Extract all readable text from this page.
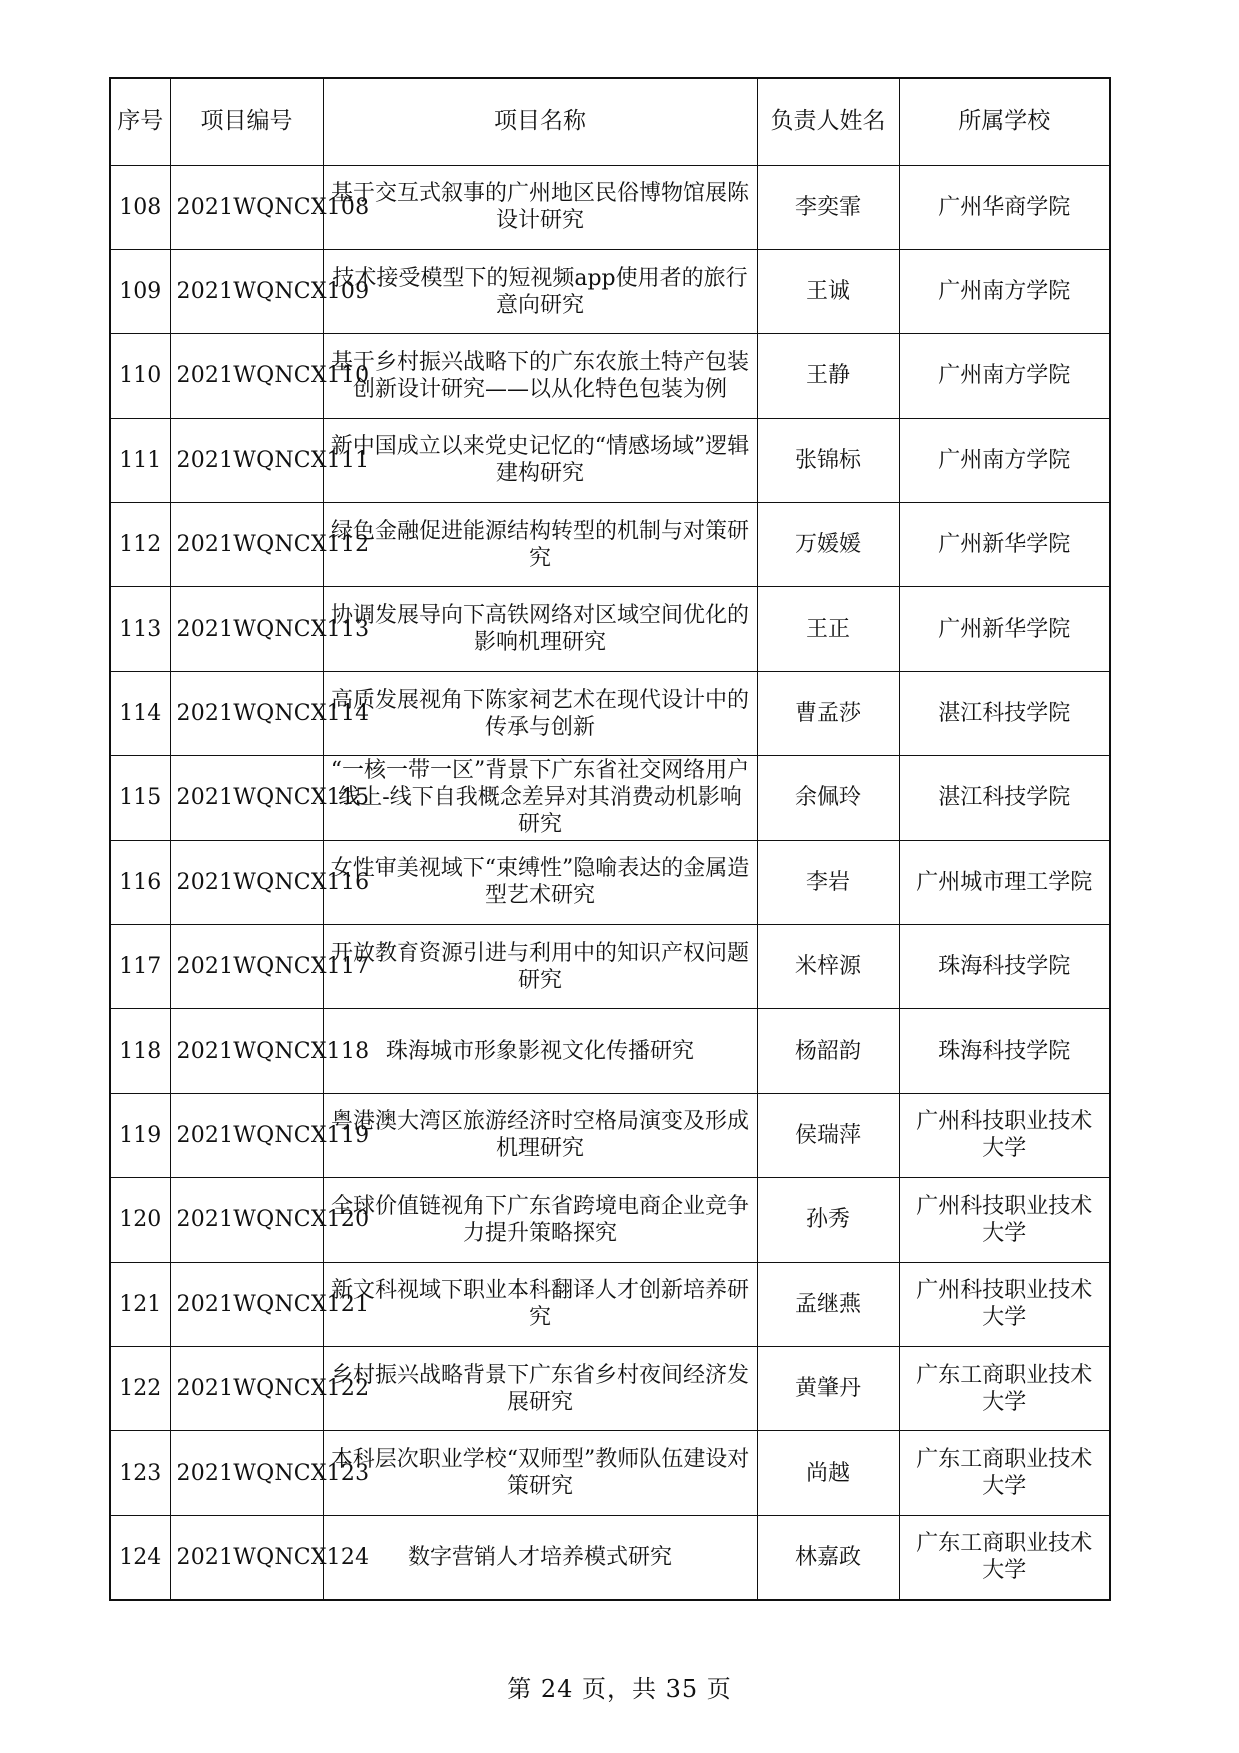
序号	项目编号	项目名称	负责人姓名	所属学校
108	2021WQNCX108	基于交互式叙事的广州地区民俗博物馆展陈设计研究	李奕霏	广州华商学院
109	2021WQNCX109	技术接受模型下的短视频app使用者的旅行意向研究	王诚	广州南方学院
110	2021WQNCX110	基于乡村振兴战略下的广东农旅土特产包装创新设计研究——以从化特色包装为例	王静	广州南方学院
111	2021WQNCX111	新中国成立以来党史记忆的“情感场域”逻辑建构研究	张锦标	广州南方学院
112	2021WQNCX112	绿色金融促进能源结构转型的机制与对策研究	万媛媛	广州新华学院
113	2021WQNCX113	协调发展导向下高铁网络对区域空间优化的影响机理研究	王正	广州新华学院
114	2021WQNCX114	高质发展视角下陈家祠艺术在现代设计中的传承与创新	曹孟莎	湛江科技学院
115	2021WQNCX115	“一核一带一区”背景下广东省社交网络用户线上-线下自我概念差异对其消费动机影响研究	余佩玲	湛江科技学院
116	2021WQNCX116	女性审美视域下“束缚性”隐喻表达的金属造型艺术研究	李岩	广州城市理工学院
117	2021WQNCX117	开放教育资源引进与利用中的知识产权问题研究	米梓源	珠海科技学院
118	2021WQNCX118	珠海城市形象影视文化传播研究	杨韶韵	珠海科技学院
119	2021WQNCX119	粤港澳大湾区旅游经济时空格局演变及形成机理研究	侯瑞萍	广州科技职业技术大学
120	2021WQNCX120	全球价值链视角下广东省跨境电商企业竞争力提升策略探究	孙秀	广州科技职业技术大学
121	2021WQNCX121	新文科视域下职业本科翻译人才创新培养研究	孟继燕	广州科技职业技术大学
122	2021WQNCX122	乡村振兴战略背景下广东省乡村夜间经济发展研究	黄肇丹	广东工商职业技术大学
123	2021WQNCX123	本科层次职业学校“双师型”教师队伍建设对策研究	尚越	广东工商职业技术大学
124	2021WQNCX124	数字营销人才培养模式研究	林嘉政	广东工商职业技术大学
第 24 页，共 35 页
